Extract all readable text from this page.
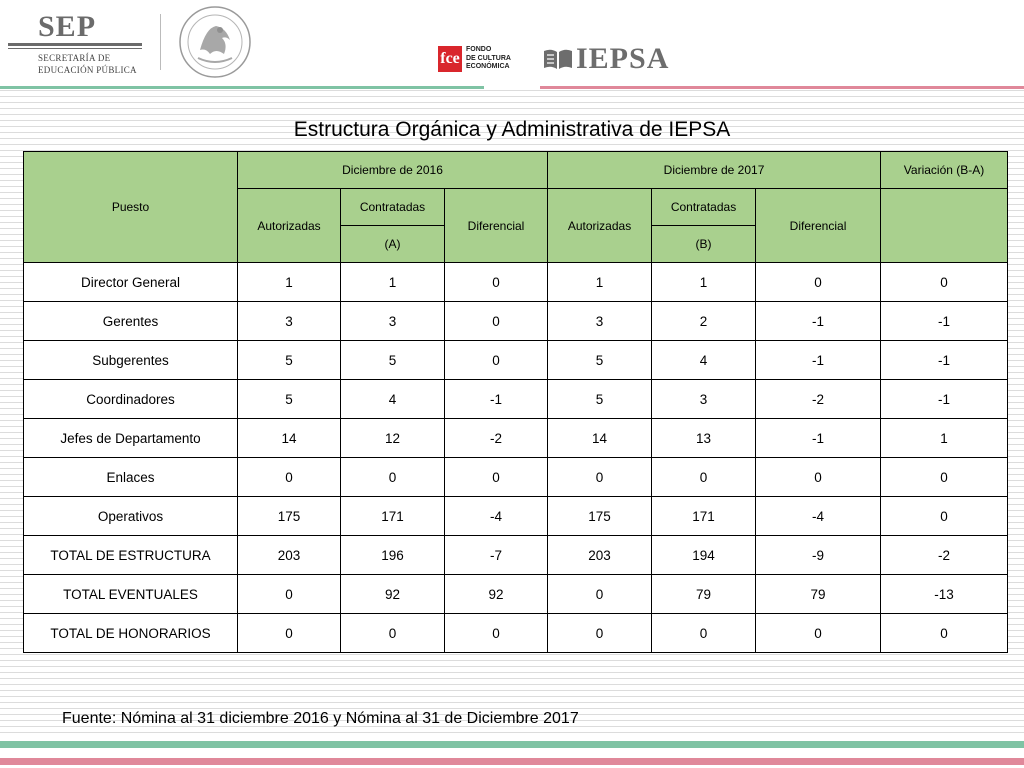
SEP
SECRETARÍA DE
EDUCACIÓN PÚBLICA
fce
FONDO
DE CULTURA
ECONÓMICA IEPSA
Estructura Orgánica y Administrativa de IEPSA
Puesto	Diciembre de 2016			Diciembre de 2017			Variación (B-A)
	Autorizadas	Contratadas	Diferencial	Autorizadas	Contratadas	Diferencial	
		(A)			(B)		
Director General	1	1	0	1	1	0	0
Gerentes	3	3	0	3	2	-1	-1
Subgerentes	5	5	0	5	4	-1	-1
Coordinadores	5	4	-1	5	3	-2	-1
Jefes de Departamento	14	12	-2	14	13	-1	1
Enlaces	0	0	0	0	0	0	0
Operativos	175	171	-4	175	171	-4	0
TOTAL DE ESTRUCTURA	203	196	-7	203	194	-9	-2
TOTAL EVENTUALES	0	92	92	0	79	79	-13
TOTAL DE HONORARIOS	0	0	0	0	0	0	0
Fuente: Nómina al 31 diciembre 2016 y Nómina al 31 de Diciembre 2017
